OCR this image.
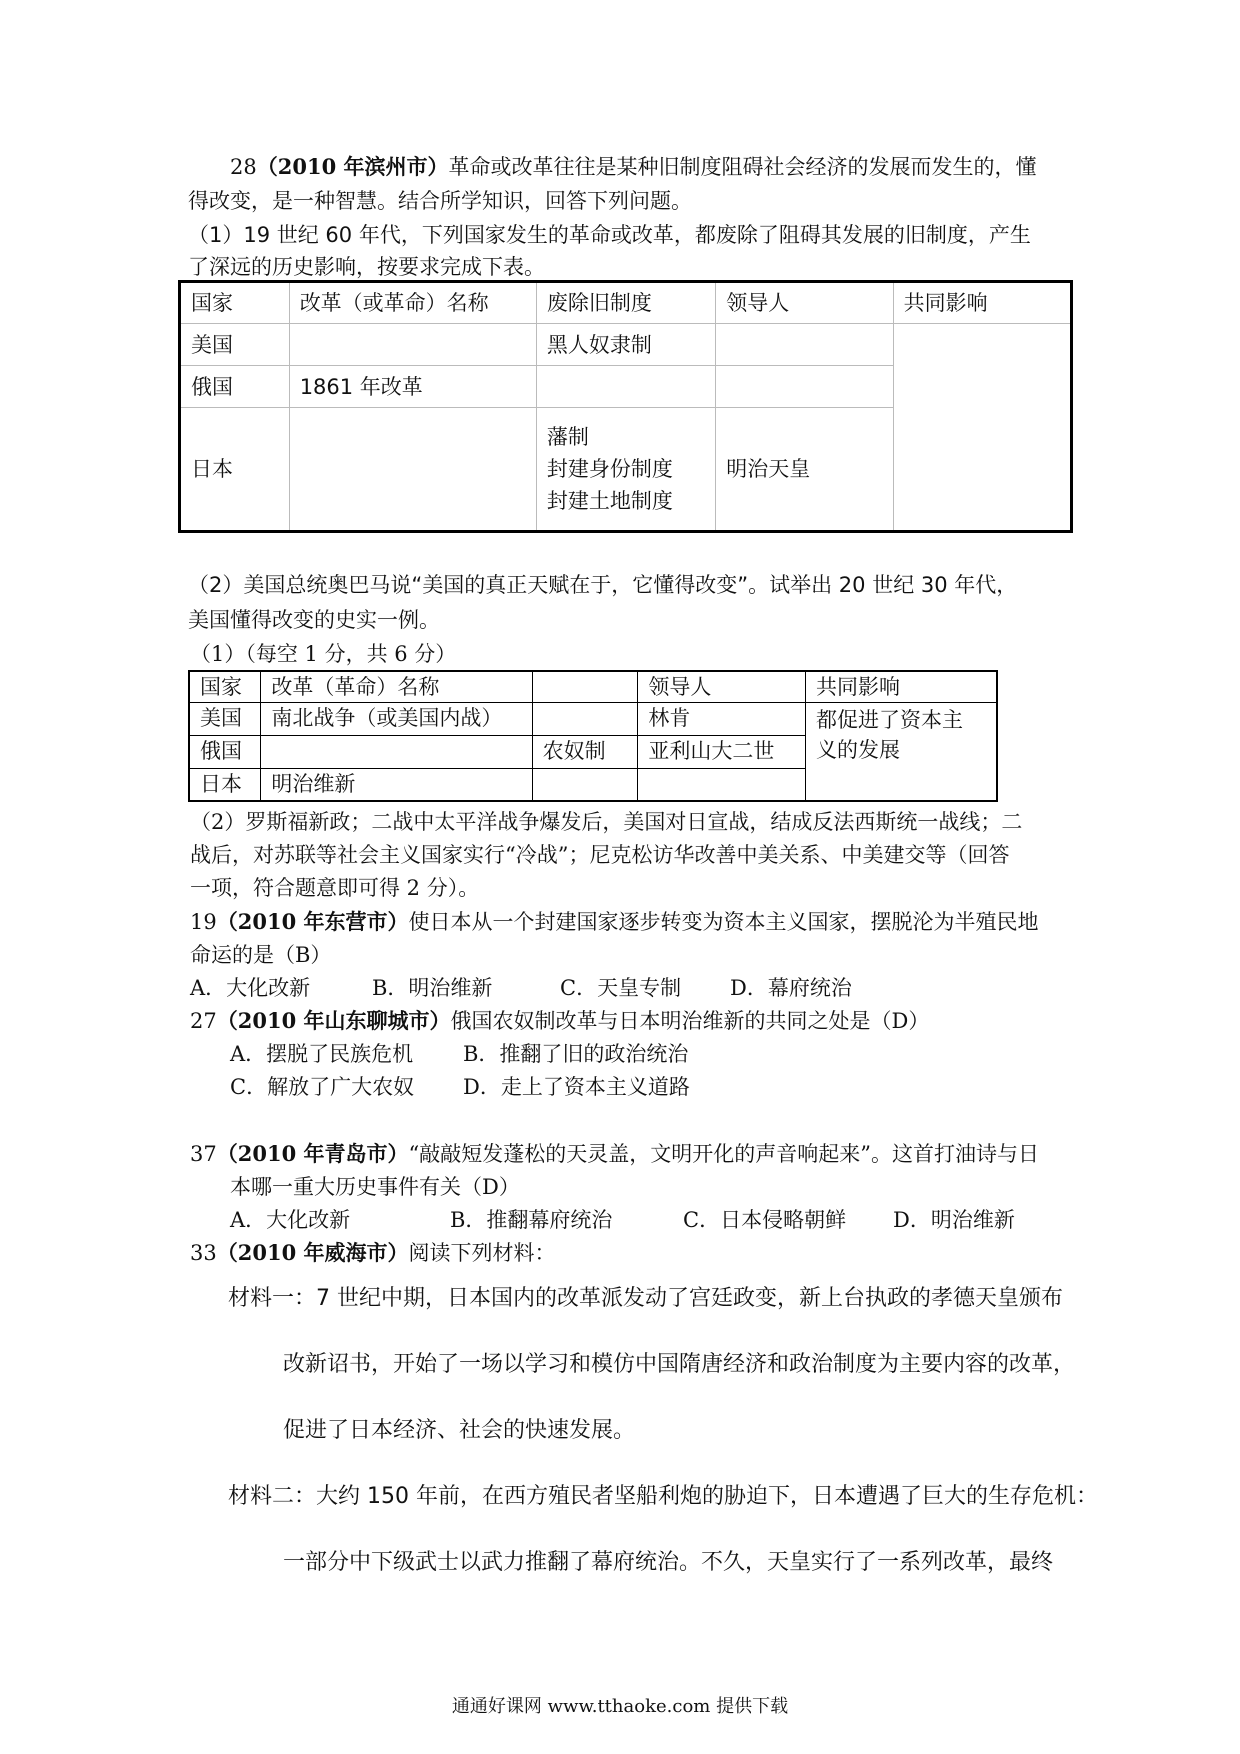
28（2010 年滨州市）革命或改革往往是某种旧制度阻碍社会经济的发展而发生的，懂
得改变，是一种智慧。结合所学知识，回答下列问题。
（1）19 世纪 60 年代，下列国家发生的革命或改革，都废除了阻碍其发展的旧制度，产生
了深远的历史影响，按要求完成下表。
国家	改革（或革命）名称	废除旧制度	领导人	共同影响
美国		黑人奴隶制		
俄国	1861 年改革			
日本		藩制
封建身份制度
封建土地制度	明治天皇	
（2）美国总统奥巴马说“美国的真正天赋在于，它懂得改变”。试举出 20 世纪 30 年代，
美国懂得改变的史实一例。
（1）（每空 1 分，共 6 分）
国家	改革（革命）名称		领导人	共同影响
美国	南北战争（或美国内战）		林肯	都促进了资本主
义的发展

俄国		农奴制	亚利山大二世	
日本	明治维新			
（2）罗斯福新政；二战中太平洋战争爆发后，美国对日宣战，结成反法西斯统一战线；二
战后，对苏联等社会主义国家实行“冷战”；尼克松访华改善中美关系、中美建交等（回答
一项，符合题意即可得 2 分）。
19（2010 年东营市）使日本从一个封建国家逐步转变为资本主义国家，摆脱沦为半殖民地
命运的是（B）
A．大化改新	B．明治维新	C．天皇专制 D．幕府统治
27（2010 年山东聊城市）俄国农奴制改革与日本明治维新的共同之处是（D）
A．摆脱了民族危机 B．推翻了旧的政治统治
C．解放了广大农奴 D．走上了资本主义道路
37（2010 年青岛市）“敲敲短发蓬松的天灵盖，文明开化的声音响起来”。这首打油诗与日
本哪一重大历史事件有关（D）
A．大化改新	B．推翻幕府统治	C．日本侵略朝鲜 D．明治维新
33（2010 年威海市）阅读下列材料：
材料一：7 世纪中期，日本国内的改革派发动了宫廷政变，新上台执政的孝德天皇颁布
改新诏书，开始了一场以学习和模仿中国隋唐经济和政治制度为主要内容的改革，
促进了日本经济、社会的快速发展。
材料二：大约 150 年前，在西方殖民者坚船利炮的胁迫下，日本遭遇了巨大的生存危机：
一部分中下级武士以武力推翻了幕府统治。不久，天皇实行了一系列改革，最终
通通好课网 www.tthaoke.com 提供下载
